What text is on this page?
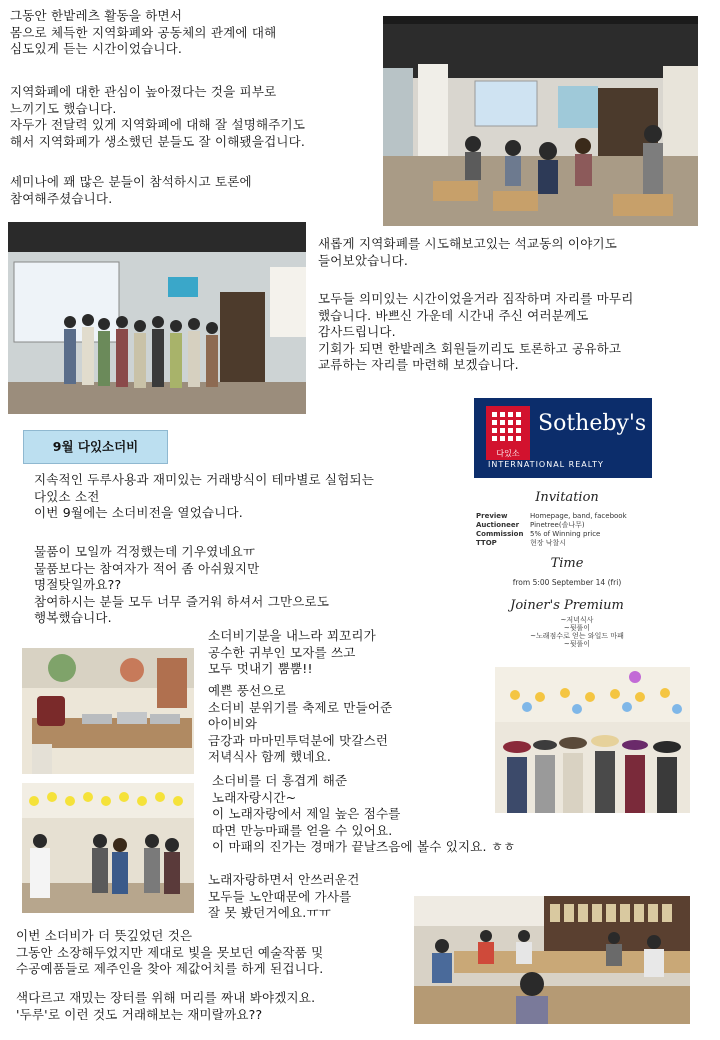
그동안 한밭레츠 활동을 하면서
몸으로 체득한 지역화폐와 공동체의 관계에 대해
심도있게 듣는 시간이었습니다.
지역화폐에 대한 관심이 높아졌다는 것을 피부로
느끼기도 했습니다.
자두가 전달력 있게 지역화폐에 대해 잘 설명해주기도
해서 지역화폐가 생소했던 분들도 잘 이해됐을겁니다.
세미나에 꽤 많은 분들이 참석하시고 토론에
참여해주셨습니다.
새롭게 지역화폐를 시도해보고있는 석교동의 이야기도
들어보았습니다.
모두들 의미있는 시간이었을거라 짐작하며 자리를 마무리
했습니다. 바쁘신 가운데 시간내 주신 여러분께도
감사드립니다.
기회가 되면 한밭레츠 회원들끼리도 토론하고 공유하고
교류하는 자리를 마련해 보겠습니다.
9월 다있소더비
지속적인 두루사용과 재미있는 거래방식이 테마별로 실험되는
다있소 소전
이번 9월에는 소더비전을 열었습니다.
물품이 모일까 걱정했는데 기우였네요ㅠ
물품보다는 참여자가 적어 좀 아쉬웠지만
명절탓일까요??
참여하시는 분들 모두 너무 즐거워 하셔서 그만으로도
행복했습니다.
소더비기분을 내느라 꾀꼬리가
공수한 귀부인 모자를 쓰고
모두 멋내기 뿜뿜!!
예쁜 풍선으로
소더비 분위기를 축제로 만들어준
아이비와
금강과 마마민투덕분에 맛갈스런
저녁식사 함께 했네요.
소더비를 더 흥겹게 해준
노래자랑시간~
이 노래자랑에서 제일 높은 점수를
따면 만능마패를 얻을 수 있어요.
이 마패의 진가는 경매가 끝날즈음에 볼수 있지요. ㅎㅎ
노래자랑하면서 안쓰러운건
모두들 노안때문에 가사를
잘 못 봤던거에요.ㅠㅠ
이번 소더비가 더 뜻깊었던 것은
그동안 소장해두었지만 제대로 빛을 못보던 예술작품 및
수공예품들로 제주인을 찾아 제값어치를 하게 된겁니다.
색다르고 재밌는 장터를 위해 머리를 짜내 봐야겠지요.
'두루'로 이런 것도 거래해보는 재미랄까요??
다있소
Sotheby's
INTERNATIONAL REALTY
Invitation
Preview	Homepage, band, facebook
Auctioneer Pinetree(솔나무)
Commission 5% of Winning price
TTOP	현장 낙찰시
Time
from 5:00 September 14 (fri)
Joiner's Premium
~저녁식사
~뒷풀이
~노래점수로 얻는 와일드 마패
~뒷풀이
